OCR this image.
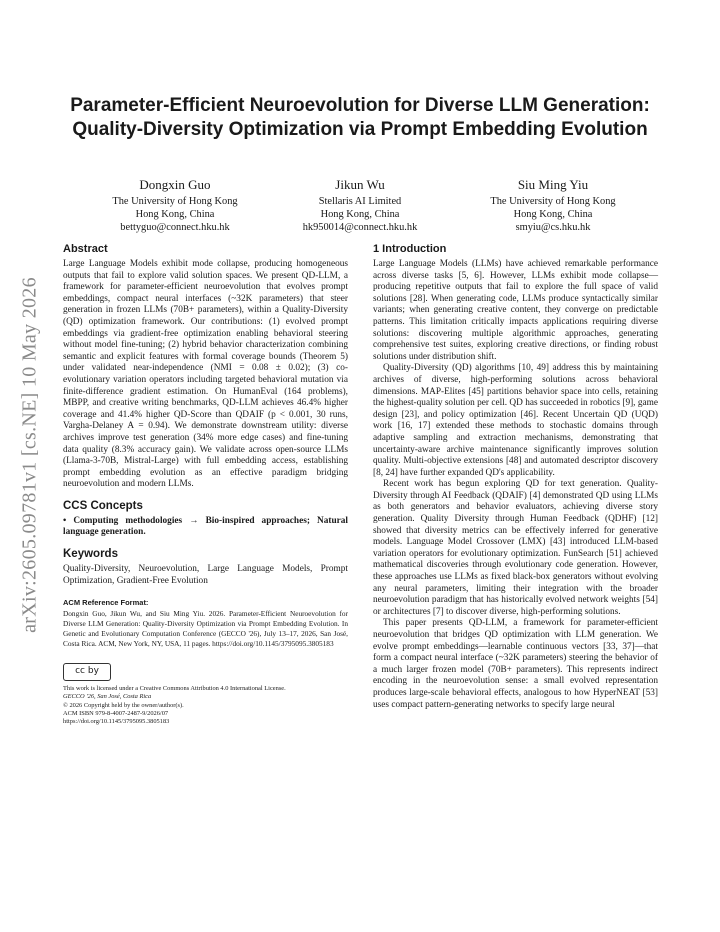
arXiv:2605.09781v1 [cs.NE] 10 May 2026
Parameter-Efficient Neuroevolution for Diverse LLM Generation: Quality-Diversity Optimization via Prompt Embedding Evolution
Dongxin Guo
The University of Hong Kong
Hong Kong, China
bettyguo@connect.hku.hk
Jikun Wu
Stellaris AI Limited
Hong Kong, China
hk950014@connect.hku.hk
Siu Ming Yiu
The University of Hong Kong
Hong Kong, China
smyiu@cs.hku.hk
Abstract

Large Language Models exhibit mode collapse, producing homogeneous outputs that fail to explore valid solution spaces. We present QD-LLM, a framework for parameter-efficient neuroevolution that evolves prompt embeddings, compact neural interfaces (~32K parameters) that steer generation in frozen LLMs (70B+ parameters), within a Quality-Diversity (QD) optimization framework. Our contributions: (1) evolved prompt embeddings via gradient-free optimization enabling behavioral steering without model fine-tuning; (2) hybrid behavior characterization combining semantic and explicit features with formal coverage bounds (Theorem 5) under validated near-independence (NMI = 0.08 ± 0.02); (3) co-evolutionary variation operators including targeted behavioral mutation via finite-difference gradient estimation. On HumanEval (164 problems), MBPP, and creative writing benchmarks, QD-LLM achieves 46.4% higher coverage and 41.4% higher QD-Score than QDAIF (p < 0.001, 30 runs, Vargha-Delaney A = 0.94). We demonstrate downstream utility: diverse archives improve test generation (34% more edge cases) and fine-tuning data quality (8.3% accuracy gain). We validate across open-source LLMs (Llama-3-70B, Mistral-Large) with full embedding access, establishing prompt embedding evolution as an effective paradigm bridging neuroevolution and modern LLMs.

CCS Concepts

• Computing methodologies → Bio-inspired approaches; Natural language generation.

Keywords

Quality-Diversity, Neuroevolution, Large Language Models, Prompt Optimization, Gradient-Free Evolution

ACM Reference Format:
Dongxin Guo, Jikun Wu, and Siu Ming Yiu. 2026. Parameter-Efficient Neuroevolution for Diverse LLM Generation: Quality-Diversity Optimization via Prompt Embedding Evolution. In Genetic and Evolutionary Computation Conference (GECCO '26), July 13–17, 2026, San José, Costa Rica. ACM, New York, NY, USA, 11 pages. https://doi.org/10.1145/3795095.3805183
cc by
This work is licensed under a Creative Commons Attribution 4.0 International License.
GECCO '26, San José, Costa Rica
© 2026 Copyright held by the owner/author(s).
ACM ISBN 979-8-4007-2487-9/2026/07
https://doi.org/10.1145/3795095.3805183
1 Introduction

Large Language Models (LLMs) have achieved remarkable performance across diverse tasks [5, 6]. However, LLMs exhibit mode collapse—producing repetitive outputs that fail to explore the full space of valid solutions [28]. When generating code, LLMs produce syntactically similar variants; when generating creative content, they converge on predictable patterns. This limitation critically impacts applications requiring diverse solutions: discovering multiple algorithmic approaches, generating comprehensive test suites, exploring creative directions, or finding robust solutions under distribution shift.

Quality-Diversity (QD) algorithms [10, 49] address this by maintaining archives of diverse, high-performing solutions across behavioral dimensions. MAP-Elites [45] partitions behavior space into cells, retaining the highest-quality solution per cell. QD has succeeded in robotics [9], game design [23], and policy optimization [46]. Recent Uncertain QD (UQD) work [16, 17] extended these methods to stochastic domains through adaptive sampling and extraction mechanisms, demonstrating that uncertainty-aware archive maintenance significantly improves solution quality. Multi-objective extensions [48] and automated descriptor discovery [8, 24] have further expanded QD's applicability.

Recent work has begun exploring QD for text generation. Quality-Diversity through AI Feedback (QDAIF) [4] demonstrated QD using LLMs as both generators and behavior evaluators, achieving diverse story generation. Quality Diversity through Human Feedback (QDHF) [12] showed that diversity metrics can be effectively inferred for generative models. Language Model Crossover (LMX) [43] introduced LLM-based variation operators for evolutionary optimization. FunSearch [51] achieved mathematical discoveries through evolutionary code generation. However, these approaches use LLMs as fixed black-box generators without evolving any neural parameters, limiting their integration with the broader neuroevolution paradigm that has historically evolved network weights [54] or architectures [7] to discover diverse, high-performing solutions.

This paper presents QD-LLM, a framework for parameter-efficient neuroevolution that bridges QD optimization with LLM generation. We evolve prompt embeddings—learnable continuous vectors [33, 37]—that form a compact neural interface (~32K parameters) steering the behavior of a much larger frozen model (70B+ parameters). This represents indirect encoding in the neuroevolution sense: a small evolved representation produces large-scale behavioral effects, analogous to how HyperNEAT [53] uses compact pattern-generating networks to specify large neural
